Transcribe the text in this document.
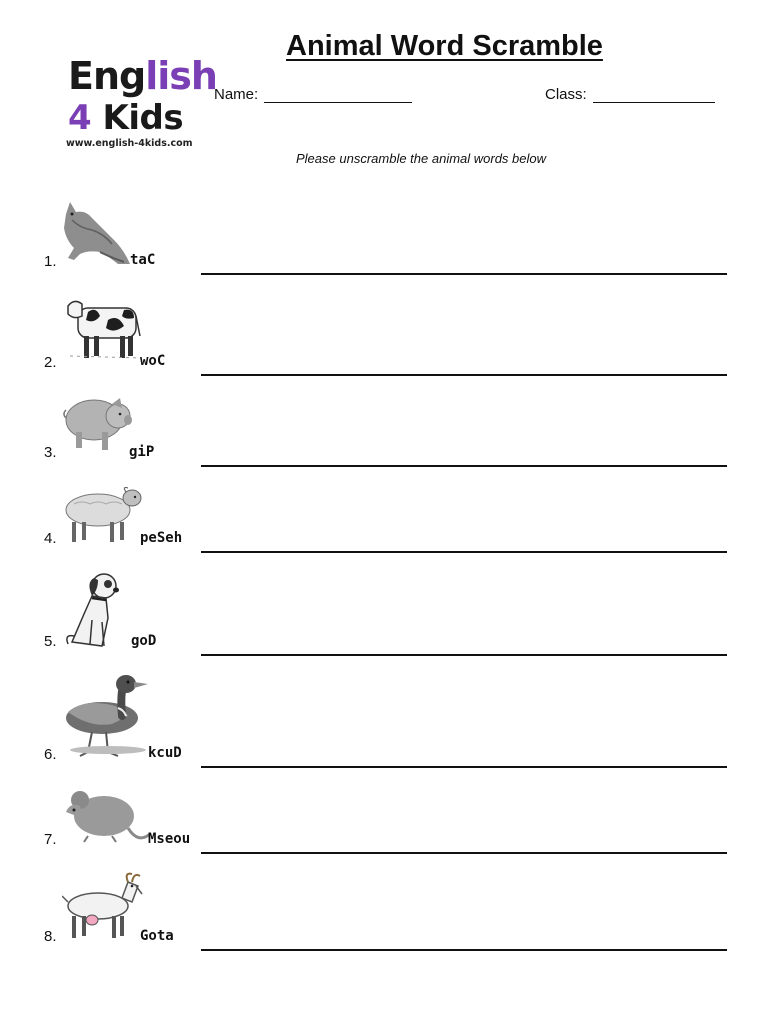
English
4 Kids
www.english-4kids.com
Animal Word Scramble
Name:	Class:
Please unscramble the animal words below
1.	taC
2.	woC
3.	giP
4.	peSeh
5.	goD
6.	kcuD
7.	Mseou
8.	Gota
